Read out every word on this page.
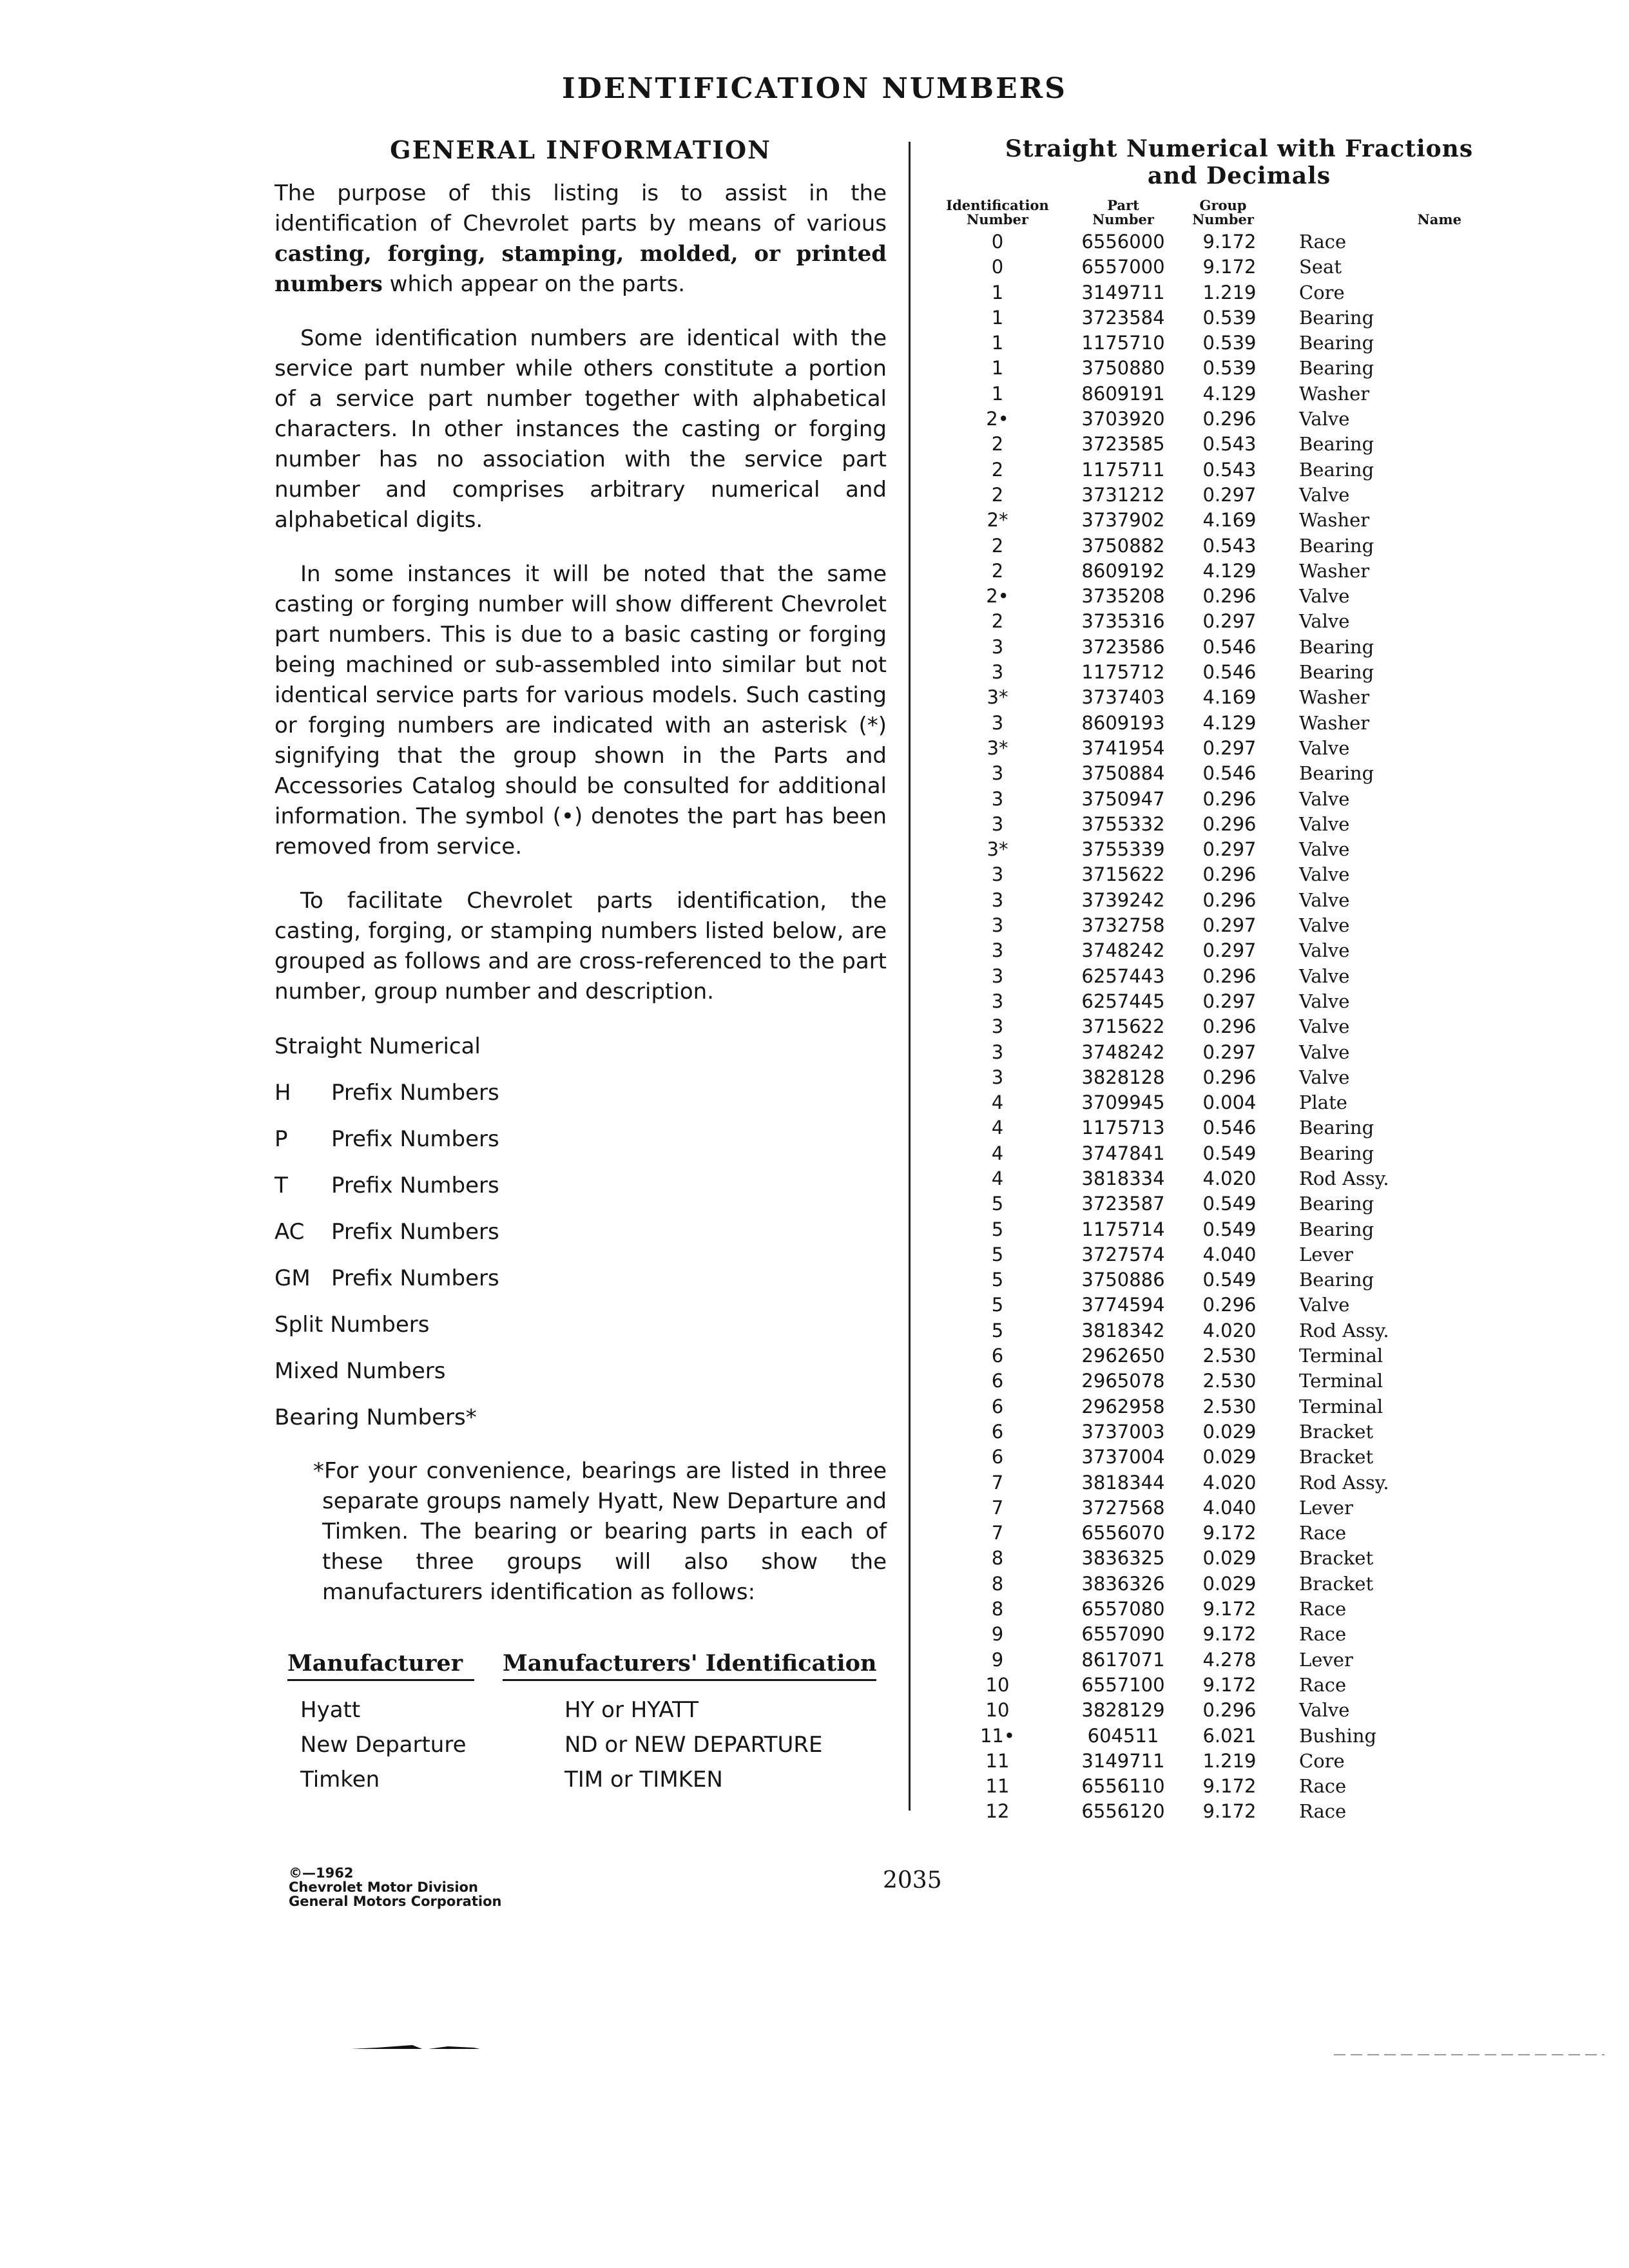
IDENTIFICATION NUMBERS
GENERAL INFORMATION

The purpose of this listing is to assist in the identification of Chevrolet parts by means of various casting, forging, stamping, molded, or printed numbers which appear on the parts.

Some identification numbers are identical with the service part number while others constitute a portion of a service part number together with alphabetical characters. In other instances the casting or forging number has no association with the service part number and comprises arbitrary numerical and alphabetical digits.

In some instances it will be noted that the same casting or forging number will show different Chevrolet part numbers. This is due to a basic casting or forging being machined or sub-assembled into similar but not identical service parts for various models. Such casting or forging numbers are indicated with an asterisk (*) signifying that the group shown in the Parts and Accessories Catalog should be consulted for additional information. The symbol (•) denotes the part has been removed from service.

To facilitate Chevrolet parts identification, the casting, forging, or stamping numbers listed below, are grouped as follows and are cross-referenced to the part number, group number and description.

Straight Numerical
H	Prefix Numbers
P	Prefix Numbers
T	Prefix Numbers
AC	Prefix Numbers
GM Prefix Numbers
Split Numbers
Mixed Numbers
Bearing Numbers*
*For your convenience, bearings are listed in three separate groups namely Hyatt, New Departure and Timken. The bearing or bearing parts in each of these three groups will also show the manufacturers identification as follows:
Manufacturer	Manufacturers' Identification
Hyatt	HY or HYATT
New Departure	ND or NEW DEPARTURE
Timken	TIM or TIMKEN
Straight Numerical with Fractions
and Decimals
Identification
Number
Part
Number
Group
Number	Name
0	6556000	9.172	Race
0	6557000	9.172	Seat
1	3149711	1.219	Core
1	3723584	0.539	Bearing
1	1175710	0.539	Bearing
1	3750880	0.539	Bearing
1	8609191	4.129	Washer
2•	3703920	0.296	Valve
2	3723585	0.543	Bearing
2	1175711	0.543	Bearing
2	3731212	0.297	Valve
2*	3737902	4.169	Washer
2	3750882	0.543	Bearing
2	8609192	4.129	Washer
2•	3735208	0.296	Valve
2	3735316	0.297	Valve
3	3723586	0.546	Bearing
3	1175712	0.546	Bearing
3*	3737403	4.169	Washer
3	8609193	4.129	Washer
3*	3741954	0.297	Valve
3	3750884	0.546	Bearing
3	3750947	0.296	Valve
3	3755332	0.296	Valve
3*	3755339	0.297	Valve
3	3715622	0.296	Valve
3	3739242	0.296	Valve
3	3732758	0.297	Valve
3	3748242	0.297	Valve
3	6257443	0.296	Valve
3	6257445	0.297	Valve
3	3715622	0.296	Valve
3	3748242	0.297	Valve
3	3828128	0.296	Valve
4	3709945	0.004	Plate
4	1175713	0.546	Bearing
4	3747841	0.549	Bearing
4	3818334	4.020	Rod Assy.
5	3723587	0.549	Bearing
5	1175714	0.549	Bearing
5	3727574	4.040	Lever
5	3750886	0.549	Bearing
5	3774594	0.296	Valve
5	3818342	4.020	Rod Assy.
6	2962650	2.530	Terminal
6	2965078	2.530	Terminal
6	2962958	2.530	Terminal
6	3737003	0.029	Bracket
6	3737004	0.029	Bracket
7	3818344	4.020	Rod Assy.
7	3727568	4.040	Lever
7	6556070	9.172	Race
8	3836325	0.029	Bracket
8	3836326	0.029	Bracket
8	6557080	9.172	Race
9	6557090	9.172	Race
9	8617071	4.278	Lever
10	6557100	9.172	Race
10	3828129	0.296	Valve
11•	604511	6.021	Bushing
11	3149711	1.219	Core
11	6556110	9.172	Race
12	6556120	9.172	Race
©—1962
Chevrolet Motor Division
General Motors Corporation
2035
